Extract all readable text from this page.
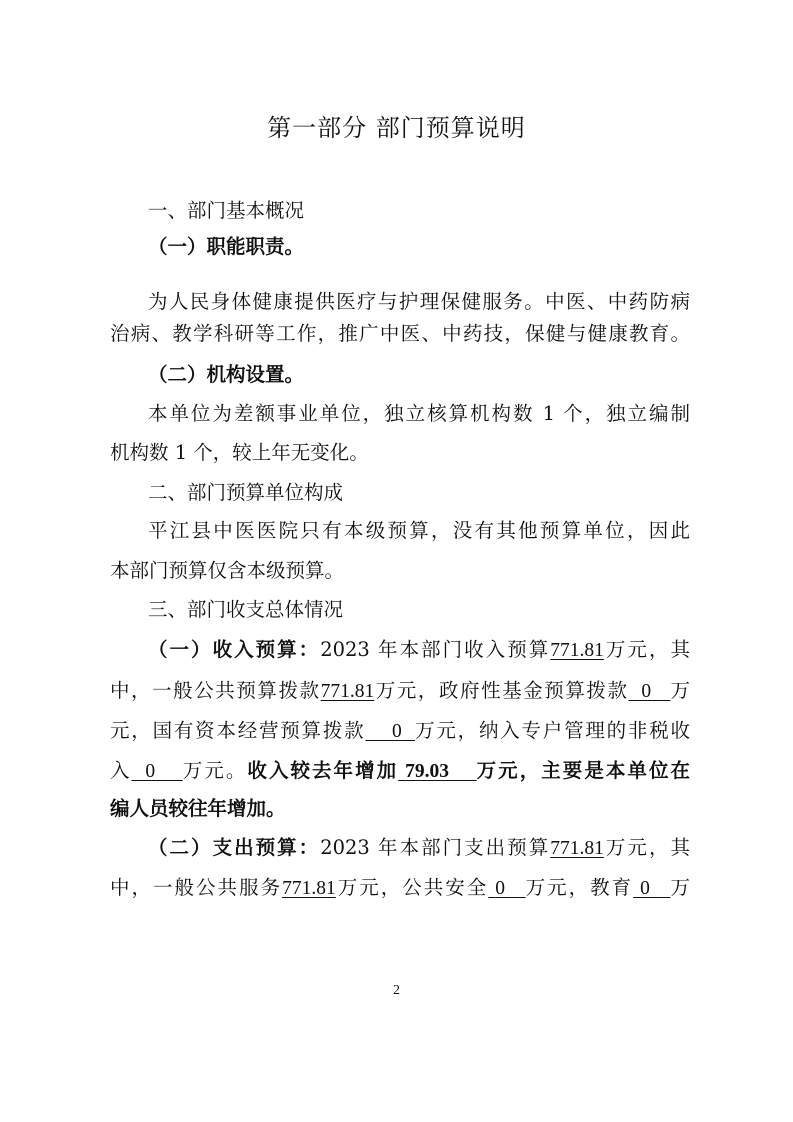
第一部分 部门预算说明
一、部门基本概况
（一）职能职责。
为人民身体健康提供医疗与护理保健服务。中医、中药防病
治病、教学科研等工作，推广中医、中药技，保健与健康教育。
（二）机构设置。
本单位为差额事业单位，独立核算机构数 1 个，独立编制
机构数 1 个，较上年无变化。
二、部门预算单位构成
平江县中医医院只有本级预算，没有其他预算单位，因此
本部门预算仅含本级预算。
三、部门收支总体情况
（一）收入预算：2023 年本部门收入预算771.81万元，其
中，一般公共预算拨款771.81万元，政府性基金预算拨款 0 万
元，国有资本经营预算拨款 0 万元，纳入专户管理的非税收
入 0 万元。收入较去年增加 79.03 万元，主要是本单位在
编人员较往年增加。
（二）支出预算：2023 年本部门支出预算771.81万元，其
中，一般公共服务771.81万元，公共安全 0 万元，教育 0 万
2
